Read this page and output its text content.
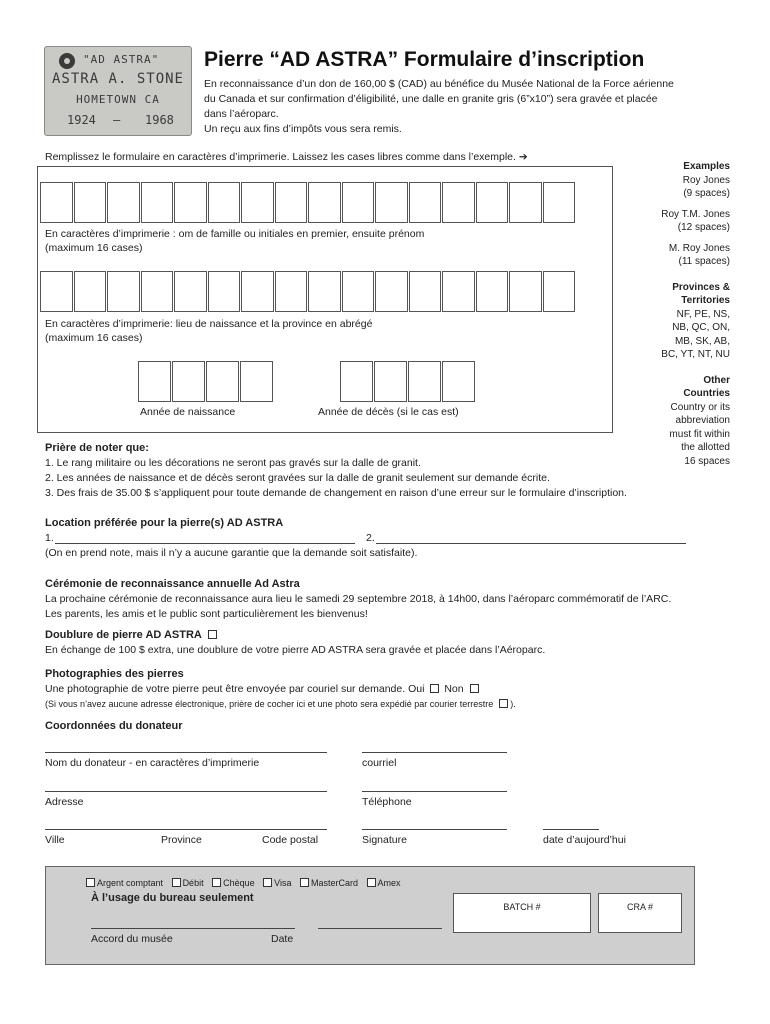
"AD ASTRA"
ASTRA A. STONE
HOMETOWN CA
1924 — 1968
Pierre “AD ASTRA” Formulaire d’inscription
En reconnaissance d’un don de 160,00 $ (CAD) au bénéfice du Musée National de la Force aérienne
du Canada et sur confirmation d’éligibilité, une dalle en granite gris (6”x10”) sera gravée et placée
dans l’aéroparc.
Un reçu aux fins d’impôts vous sera remis.
Remplissez le formulaire en caractères d’imprimerie. Laissez les cases libres comme dans l’exemple. ➔
En caractères d’imprimerie : om de famille ou initiales en premier, ensuite prénom
(maximum 16 cases)
En caractères d’imprimerie: lieu de naissance et la province en abrégé
(maximum 16 cases)
Année de naissance	Année de décès (si le cas est)
Examples
Roy Jones
(9 spaces)
Roy T.M. Jones
(12 spaces)
M. Roy Jones
(11 spaces)
Provinces &
Territories
NF, PE, NS,
NB, QC, ON,
MB, SK, AB,
BC, YT, NT, NU
Other
Countries
Country or its
abbreviation
must fit within
the allotted
16 spaces
Prière de noter que:
1. Le rang militaire ou les décorations ne seront pas gravés sur la dalle de granit.
2. Les années de naissance et de décès seront gravées sur la dalle de granit seulement sur demande écrite.
3. Des frais de 35.00 $ s’appliquent pour toute demande de changement en raison d’une erreur sur le formulaire d’inscription.
Location préférée pour la pierre(s) AD ASTRA
1.	2.
(On en prend note, mais il n’y a aucune garantie que la demande soit satisfaite).
Cérémonie de reconnaissance annuelle Ad Astra
La prochaine cérémonie de reconnaissance aura lieu le samedi 29 septembre 2018, à 14h00, dans l’aéroparc commémoratif de l’ARC.
Les parents, les amis et le public sont particulièrement les bienvenus!
Doublure de pierre AD ASTRA
En échange de 100 $ extra, une doublure de votre pierre AD ASTRA sera gravée et placée dans l’Aéroparc.
Photographies des pierres
Une photographie de votre pierre peut être envoyée par couriel sur demande. Oui Non
(Si vous n’avez aucune adresse électronique, prière de cocher ici et une photo sera expédié par courier terrestre ).
Coordonnées du donateur
Nom du donateur - en caractères d’imprimerie	courriel
Adresse	Téléphone
Ville	Province	Code postal	Signature	date d’aujourd’hui
Argent comptant Débit Chèque Visa MasterCard Amex
À l’usage du bureau seulement
Accord du musée	Date
BATCH #	CRA #
